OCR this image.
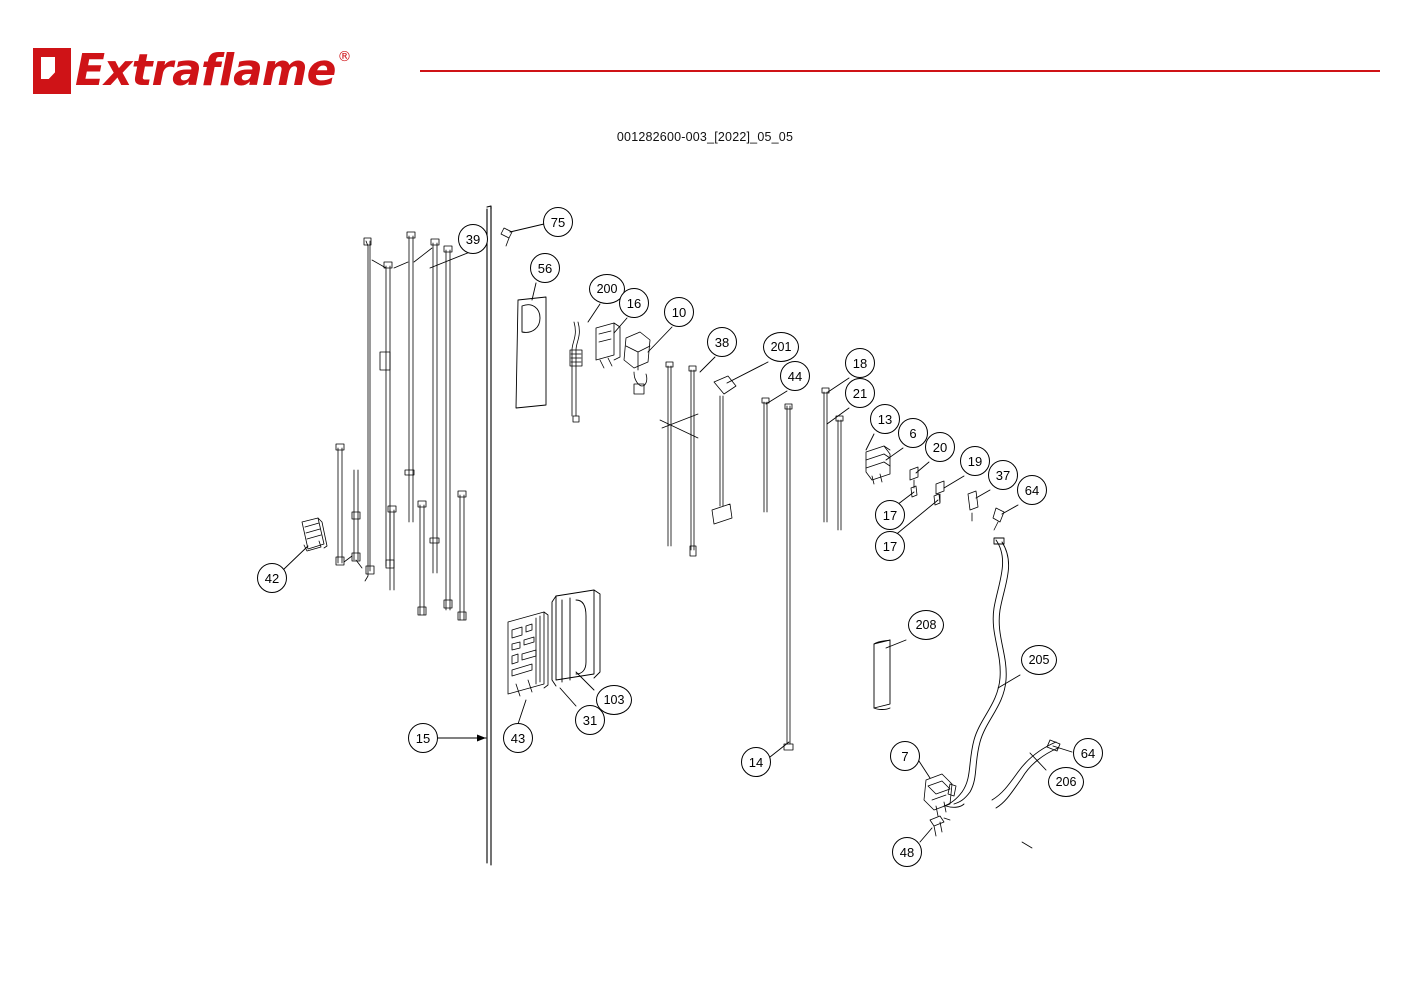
Extraflame ®
001282600-003_[2022]_05_05
39
75
56
200
16
10
38	201
44
18
21
13
6
20
19
37
64
17
17
42
208
205
103
31
15	43
14	7	64
206
48
